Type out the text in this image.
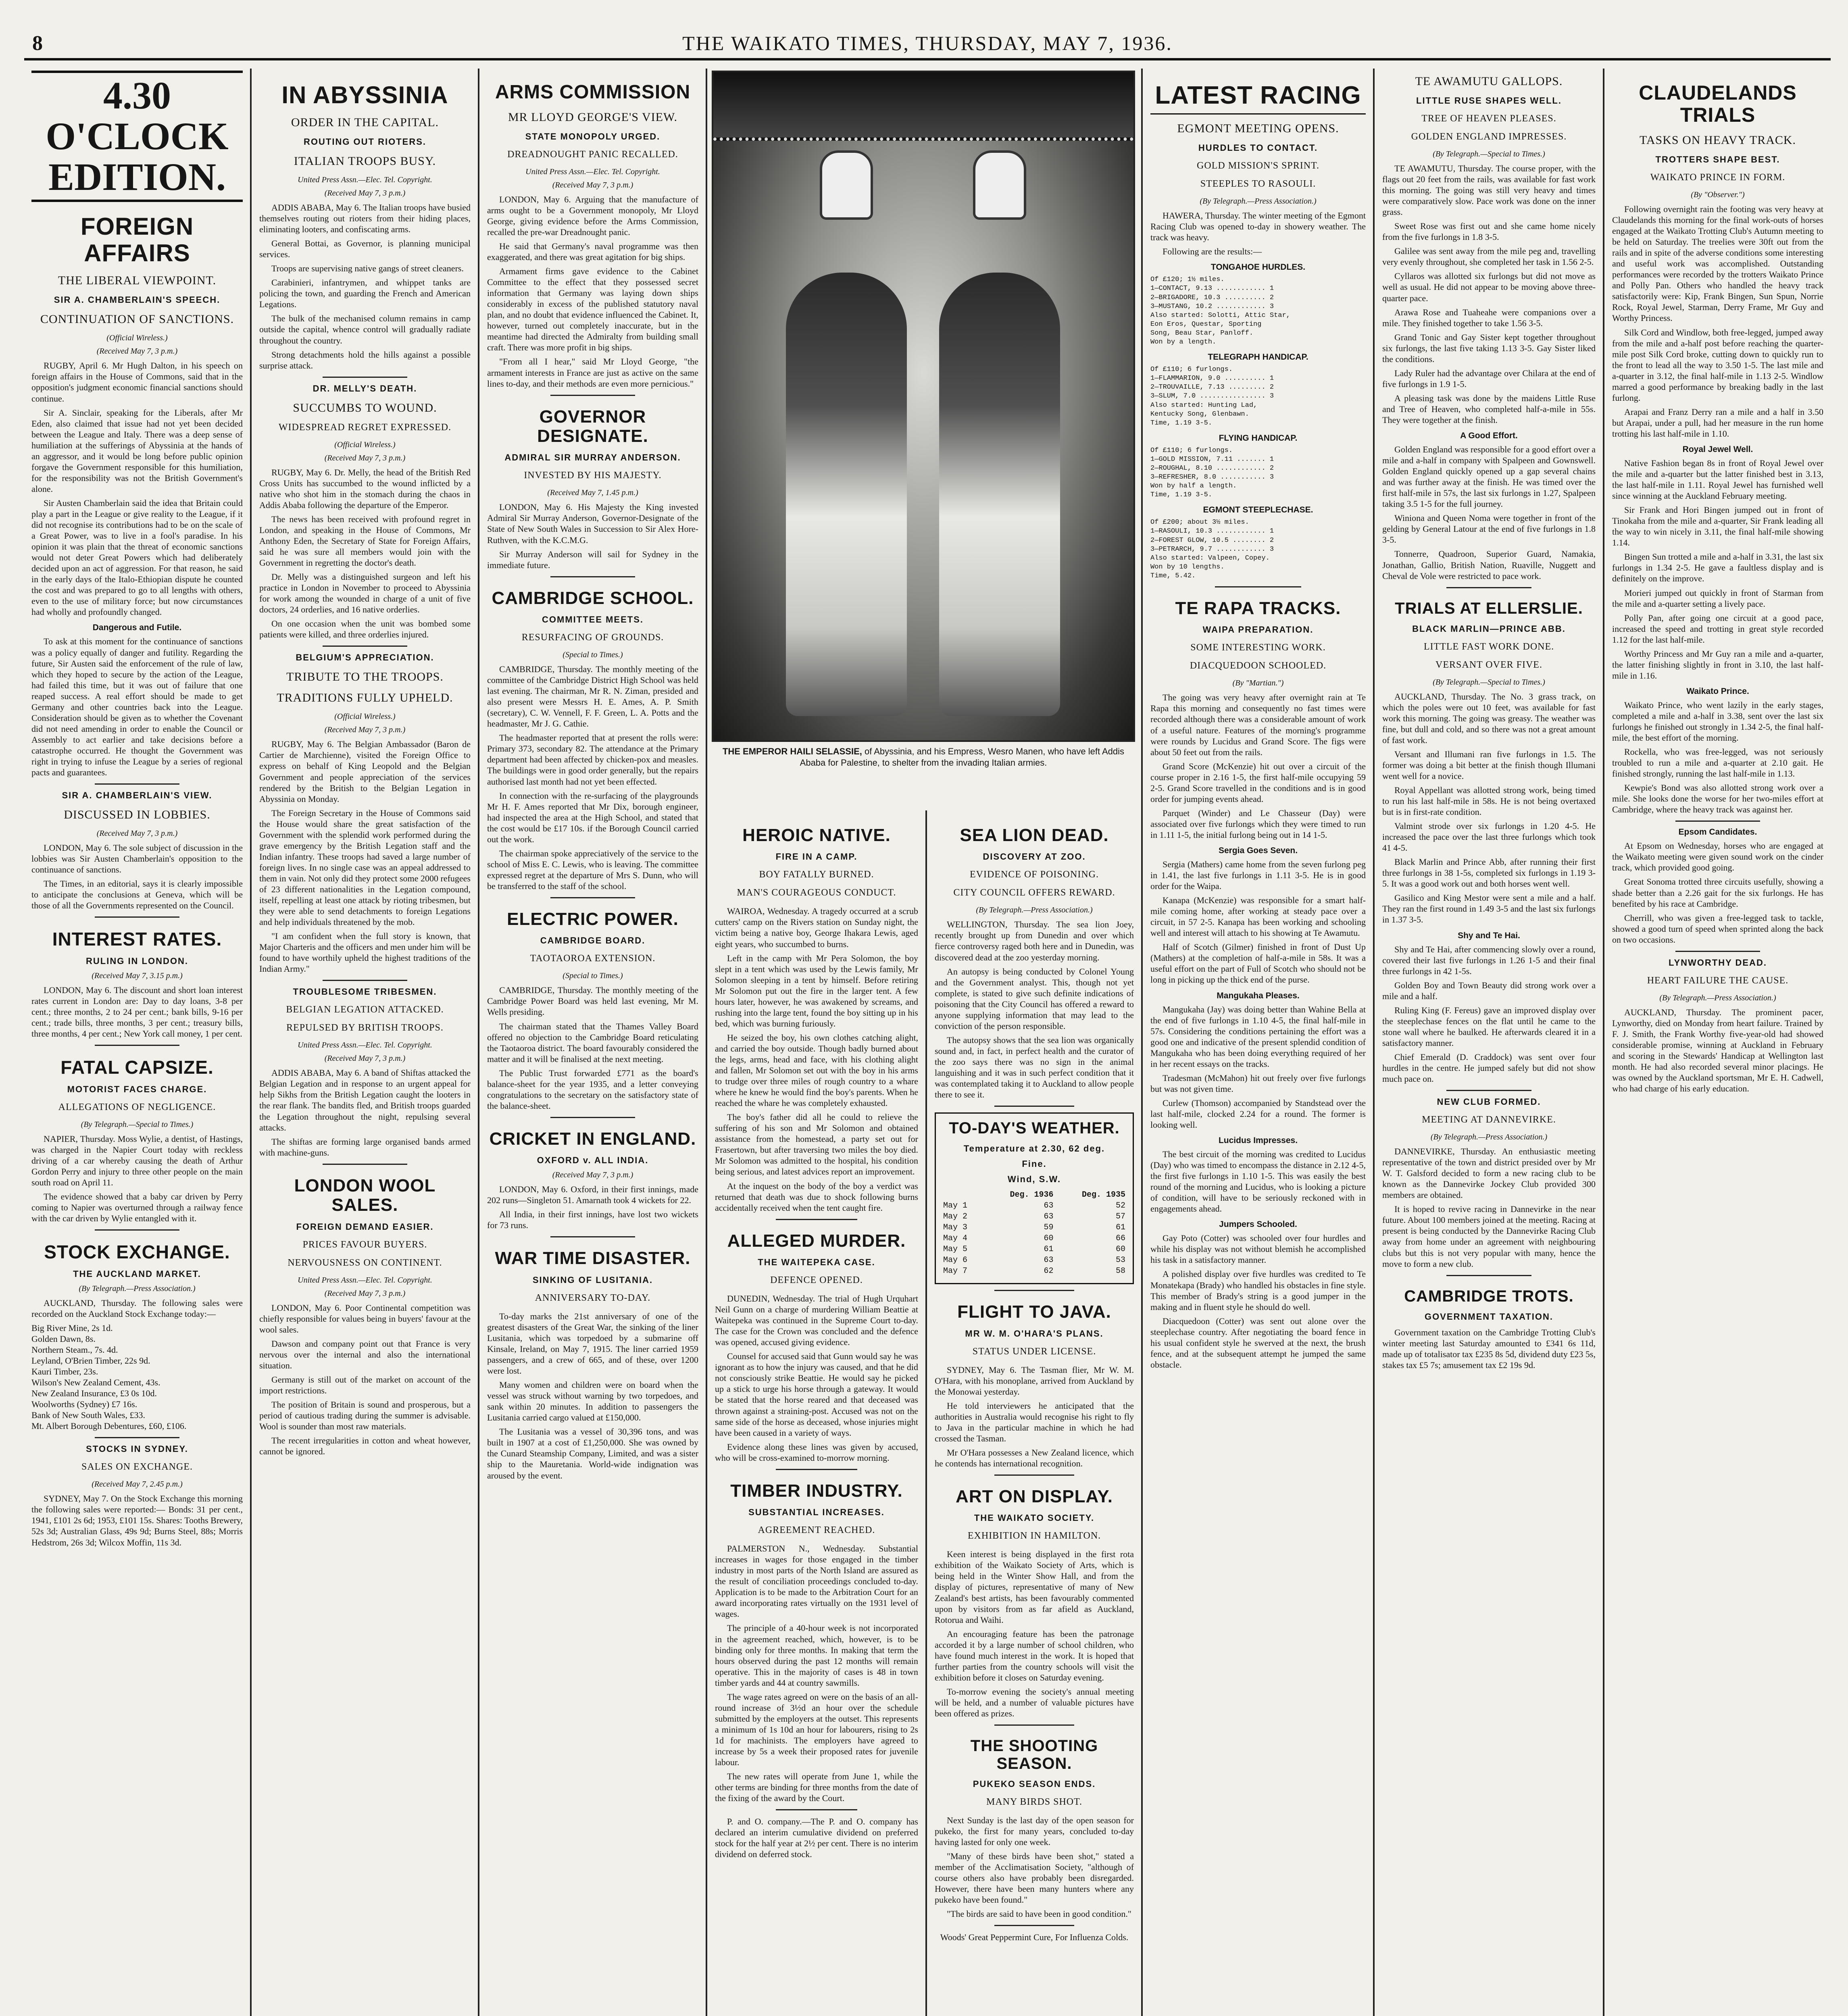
8	THE WAIKATO TIMES, THURSDAY, MAY 7, 1936.
4.30 O'CLOCK EDITION.
FOREIGN AFFAIRS
THE LIBERAL VIEWPOINT.
SIR A. CHAMBERLAIN'S SPEECH.
CONTINUATION OF SANCTIONS.
(Official Wireless.)
(Received May 7, 3 p.m.)

RUGBY, April 6. Mr Hugh Dalton, in his speech on foreign affairs in the House of Commons, said that in the opposition's judgment economic financial sanctions should continue.

Sir A. Sinclair, speaking for the Liberals, after Mr Eden, also claimed that issue had not yet been decided between the League and Italy. There was a deep sense of humiliation at the sufferings of Abyssinia at the hands of an aggressor, and it would be long before public opinion forgave the Government responsible for this humiliation, for the responsibility was not the British Government's alone.

Sir Austen Chamberlain said the idea that Britain could play a part in the League or give reality to the League, if it did not recognise its contributions had to be on the scale of a Great Power, was to live in a fool's paradise. In his opinion it was plain that the threat of economic sanctions would not deter Great Powers which had deliberately decided upon an act of aggression. For that reason, he said in the early days of the Italo-Ethiopian dispute he counted the cost and was prepared to go to all lengths with others, even to the use of military force; but now circumstances had wholly and profoundly changed.

Dangerous and Futile.

To ask at this moment for the continuance of sanctions was a policy equally of danger and futility. Regarding the future, Sir Austen said the enforcement of the rule of law, which they hoped to secure by the action of the League, had failed this time, but it was out of failure that one reaped success. A real effort should be made to get Germany and other countries back into the League. Consideration should be given as to whether the Covenant did not need amending in order to enable the Council or Assembly to act earlier and take decisions before a catastrophe occurred. He thought the Government was right in trying to infuse the League by a series of regional pacts and guarantees.

SIR A. CHAMBERLAIN'S VIEW.
DISCUSSED IN LOBBIES.
(Received May 7, 3 p.m.)

LONDON, May 6. The sole subject of discussion in the lobbies was Sir Austen Chamberlain's opposition to the continuance of sanctions.

The Times, in an editorial, says it is clearly impossible to anticipate the conclusions at Geneva, which will be those of all the Governments represented on the Council.

INTEREST RATES.
RULING IN LONDON.
(Received May 7, 3.15 p.m.)

LONDON, May 6. The discount and short loan interest rates current in London are: Day to day loans, 3-8 per cent.; three months, 2 to 24 per cent.; bank bills, 9-16 per cent.; trade bills, three months, 3 per cent.; treasury bills, three months, 4 per cent.; New York call money, 1 per cent.

FATAL CAPSIZE.
MOTORIST FACES CHARGE.
ALLEGATIONS OF NEGLIGENCE.
(By Telegraph.—Special to Times.)

NAPIER, Thursday. Moss Wylie, a dentist, of Hastings, was charged in the Napier Court today with reckless driving of a car whereby causing the death of Arthur Gordon Perry and injury to three other people on the main south road on April 11.

The evidence showed that a baby car driven by Perry coming to Napier was overturned through a railway fence with the car driven by Wylie entangled with it.

STOCK EXCHANGE.
THE AUCKLAND MARKET.
(By Telegraph.—Press Association.)

AUCKLAND, Thursday. The following sales were recorded on the Auckland Stock Exchange today:—

Big River Mine, 2s 1d.
Golden Dawn, 8s.
Northern Steam., 7s. 4d.
Leyland, O'Brien Timber, 22s 9d.
Kauri Timber, 23s.
Wilson's New Zealand Cement, 43s.
New Zealand Insurance, £3 0s 10d.
Woolworths (Sydney) £7 16s.
Bank of New South Wales, £33.
Mt. Albert Borough Debentures, £60, £106.

STOCKS IN SYDNEY.
SALES ON EXCHANGE.
(Received May 7, 2.45 p.m.)

SYDNEY, May 7. On the Stock Exchange this morning the following sales were reported:— Bonds: 31 per cent., 1941, £101 2s 6d; 1953, £101 15s. Shares: Tooths Brewery, 52s 3d; Australian Glass, 49s 9d; Burns Steel, 88s; Morris Hedstrom, 26s 3d; Wilcox Moffin, 11s 3d.

IN ABYSSINIA
ORDER IN THE CAPITAL.
ROUTING OUT RIOTERS.
ITALIAN TROOPS BUSY.
United Press Assn.—Elec. Tel. Copyright.
(Received May 7, 3 p.m.)

ADDIS ABABA, May 6. The Italian troops have busied themselves routing out rioters from their hiding places, eliminating looters, and confiscating arms.

General Bottai, as Governor, is planning municipal services.

Troops are supervising native gangs of street cleaners.

Carabinieri, infantrymen, and whippet tanks are policing the town, and guarding the French and American Legations.

The bulk of the mechanised column remains in camp outside the capital, whence control will gradually radiate throughout the country.

Strong detachments hold the hills against a possible surprise attack.

DR. MELLY'S DEATH.
SUCCUMBS TO WOUND.
WIDESPREAD REGRET EXPRESSED.
(Official Wireless.)
(Received May 7, 3 p.m.)

RUGBY, May 6. Dr. Melly, the head of the British Red Cross Units has succumbed to the wound inflicted by a native who shot him in the stomach during the chaos in Addis Ababa following the departure of the Emperor.

The news has been received with profound regret in London, and speaking in the House of Commons, Mr Anthony Eden, the Secretary of State for Foreign Affairs, said he was sure all members would join with the Government in regretting the doctor's death.

Dr. Melly was a distinguished surgeon and left his practice in London in November to proceed to Abyssinia for work among the wounded in charge of a unit of five doctors, 24 orderlies, and 16 native orderlies.

On one occasion when the unit was bombed some patients were killed, and three orderlies injured.

BELGIUM'S APPRECIATION.
TRIBUTE TO THE TROOPS.
TRADITIONS FULLY UPHELD.
(Official Wireless.)
(Received May 7, 3 p.m.)

RUGBY, May 6. The Belgian Ambassador (Baron de Cartier de Marchienne), visited the Foreign Office to express on behalf of King Leopold and the Belgian Government and people appreciation of the services rendered by the British to the Belgian Legation in Abyssinia on Monday.

The Foreign Secretary in the House of Commons said the House would share the great satisfaction of the Government with the splendid work performed during the grave emergency by the British Legation staff and the Indian infantry. These troops had saved a large number of foreign lives. In no single case was an appeal addressed to them in vain. Not only did they protect some 2000 refugees of 23 different nationalities in the Legation compound, itself, repelling at least one attack by rioting tribesmen, but they were able to send detachments to foreign Legations and help individuals threatened by the mob.

"I am confident when the full story is known, that Major Charteris and the officers and men under him will be found to have worthily upheld the highest traditions of the Indian Army."

TROUBLESOME TRIBESMEN.
BELGIAN LEGATION ATTACKED.
REPULSED BY BRITISH TROOPS.
United Press Assn.—Elec. Tel. Copyright.
(Received May 7, 3 p.m.)

ADDIS ABABA, May 6. A band of Shiftas attacked the Belgian Legation and in response to an urgent appeal for help Sikhs from the British Legation caught the looters in the rear flank. The bandits fled, and British troops guarded the Legation throughout the night, repulsing several attacks.

The shiftas are forming large organised bands armed with machine-guns.

LONDON WOOL SALES.
FOREIGN DEMAND EASIER.
PRICES FAVOUR BUYERS.
NERVOUSNESS ON CONTINENT.
United Press Assn.—Elec. Tel. Copyright.
(Received May 7, 3 p.m.)

LONDON, May 6. Poor Continental competition was chiefly responsible for values being in buyers' favour at the wool sales.

Dawson and company point out that France is very nervous over the internal and also the international situation.

Germany is still out of the market on account of the import restrictions.

The position of Britain is sound and prosperous, but a period of cautious trading during the summer is advisable. Wool is sounder than most raw materials.

The recent irregularities in cotton and wheat however, cannot be ignored.

ARMS COMMISSION
MR LLOYD GEORGE'S VIEW.
STATE MONOPOLY URGED.
DREADNOUGHT PANIC RECALLED.
United Press Assn.—Elec. Tel. Copyright.
(Received May 7, 3 p.m.)

LONDON, May 6. Arguing that the manufacture of arms ought to be a Government monopoly, Mr Lloyd George, giving evidence before the Arms Commission, recalled the pre-war Dreadnought panic.

He said that Germany's naval programme was then exaggerated, and there was great agitation for big ships.

Armament firms gave evidence to the Cabinet Committee to the effect that they possessed secret information that Germany was laying down ships considerably in excess of the published statutory naval plan, and no doubt that evidence influenced the Cabinet. It, however, turned out completely inaccurate, but in the meantime had directed the Admiralty from building small craft. There was more profit in big ships.

"From all I hear," said Mr Lloyd George, "the armament interests in France are just as active on the same lines to-day, and their methods are even more pernicious."

GOVERNOR DESIGNATE.
ADMIRAL SIR MURRAY ANDERSON.
INVESTED BY HIS MAJESTY.
(Received May 7, 1.45 p.m.)

LONDON, May 6. His Majesty the King invested Admiral Sir Murray Anderson, Governor-Designate of the State of New South Wales in Succession to Sir Alex Hore-Ruthven, with the K.C.M.G.

Sir Murray Anderson will sail for Sydney in the immediate future.

CAMBRIDGE SCHOOL.
COMMITTEE MEETS.
RESURFACING OF GROUNDS.
(Special to Times.)

CAMBRIDGE, Thursday. The monthly meeting of the committee of the Cambridge District High School was held last evening. The chairman, Mr R. N. Ziman, presided and also present were Messrs H. E. Ames, A. P. Smith (secretary), C. W. Vennell, F. F. Green, L. A. Potts and the headmaster, Mr J. G. Cathie.

The headmaster reported that at present the rolls were: Primary 373, secondary 82. The attendance at the Primary department had been affected by chicken-pox and measles. The buildings were in good order generally, but the repairs authorised last month had not yet been effected.

In connection with the re-surfacing of the playgrounds Mr H. F. Ames reported that Mr Dix, borough engineer, had inspected the area at the High School, and stated that the cost would be £17 10s. if the Borough Council carried out the work.

The chairman spoke appreciatively of the service to the school of Miss E. C. Lewis, who is leaving. The committee expressed regret at the departure of Mrs S. Dunn, who will be transferred to the staff of the school.

ELECTRIC POWER.
CAMBRIDGE BOARD.
TAOTAOROA EXTENSION.
(Special to Times.)

CAMBRIDGE, Thursday. The monthly meeting of the Cambridge Power Board was held last evening, Mr M. Wells presiding.

The chairman stated that the Thames Valley Board offered no objection to the Cambridge Board reticulating the Taotaoroa district. The board favourably considered the matter and it will be finalised at the next meeting.

The Public Trust forwarded £771 as the board's balance-sheet for the year 1935, and a letter conveying congratulations to the secretary on the satisfactory state of the balance-sheet.

CRICKET IN ENGLAND.
OXFORD v. ALL INDIA.
(Received May 7, 3 p.m.)

LONDON, May 6. Oxford, in their first innings, made 202 runs—Singleton 51. Amarnath took 4 wickets for 22.

All India, in their first innings, have lost two wickets for 73 runs.

WAR TIME DISASTER.
SINKING OF LUSITANIA.
ANNIVERSARY TO-DAY.

To-day marks the 21st anniversary of one of the greatest disasters of the Great War, the sinking of the liner Lusitania, which was torpedoed by a submarine off Kinsale, Ireland, on May 7, 1915. The liner carried 1959 passengers, and a crew of 665, and of these, over 1200 were lost.

Many women and children were on board when the vessel was struck without warning by two torpedoes, and sank within 20 minutes. In addition to passengers the Lusitania carried cargo valued at £150,000.

The Lusitania was a vessel of 30,396 tons, and was built in 1907 at a cost of £1,250,000. She was owned by the Cunard Steamship Company, Limited, and was a sister ship to the Mauretania. World-wide indignation was aroused by the event.

THE EMPEROR HAILI SELASSIE, of Abyssinia, and his Empress, Wesro Manen, who have left Addis Ababa for Palestine, to shelter from the invading Italian armies.
HEROIC NATIVE.
FIRE IN A CAMP.
BOY FATALLY BURNED.
MAN'S COURAGEOUS CONDUCT.

WAIROA, Wednesday. A tragedy occurred at a scrub cutters' camp on the Rivers station on Sunday night, the victim being a native boy, George Ihakara Lewis, aged eight years, who succumbed to burns.

Left in the camp with Mr Pera Solomon, the boy slept in a tent which was used by the Lewis family, Mr Solomon sleeping in a tent by himself. Before retiring Mr Solomon put out the fire in the larger tent. A few hours later, however, he was awakened by screams, and rushing into the large tent, found the boy sitting up in his bed, which was burning furiously.

He seized the boy, his own clothes catching alight, and carried the boy outside. Though badly burned about the legs, arms, head and face, with his clothing alight and fallen, Mr Solomon set out with the boy in his arms to trudge over three miles of rough country to a whare where he knew he would find the boy's parents. When he reached the whare he was completely exhausted.

The boy's father did all he could to relieve the suffering of his son and Mr Solomon and obtained assistance from the homestead, a party set out for Frasertown, but after traversing two miles the boy died. Mr Solomon was admitted to the hospital, his condition being serious, and latest advices report an improvement.

At the inquest on the body of the boy a verdict was returned that death was due to shock following burns accidentally received when the tent caught fire.

ALLEGED MURDER.
THE WAITEPEKA CASE.
DEFENCE OPENED.

DUNEDIN, Wednesday. The trial of Hugh Urquhart Neil Gunn on a charge of murdering William Beattie at Waitepeka was continued in the Supreme Court to-day. The case for the Crown was concluded and the defence was opened, accused giving evidence.

Counsel for accused said that Gunn would say he was ignorant as to how the injury was caused, and that he did not consciously strike Beattie. He would say he picked up a stick to urge his horse through a gateway. It would be stated that the horse reared and that deceased was thrown against a straining-post. Accused was not on the same side of the horse as deceased, whose injuries might have been caused in a variety of ways.

Evidence along these lines was given by accused, who will be cross-examined to-morrow morning.

TIMBER INDUSTRY.
SUBSTANTIAL INCREASES.
AGREEMENT REACHED.

PALMERSTON N., Wednesday. Substantial increases in wages for those engaged in the timber industry in most parts of the North Island are assured as the result of conciliation proceedings concluded to-day. Application is to be made to the Arbitration Court for an award incorporating rates virtually on the 1931 level of wages.

The principle of a 40-hour week is not incorporated in the agreement reached, which, however, is to be binding only for three months. In making that term the hours observed during the past 12 months will remain operative. This in the majority of cases is 48 in town timber yards and 44 at country sawmills.

The wage rates agreed on were on the basis of an all-round increase of 3½d an hour over the schedule submitted by the employers at the outset. This represents a minimum of 1s 10d an hour for labourers, rising to 2s 1d for machinists. The employers have agreed to increase by 5s a week their proposed rates for juvenile labour.

The new rates will operate from June 1, while the other terms are binding for three months from the date of the fixing of the award by the Court.

P. and O. company.—The P. and O. company has declared an interim cumulative dividend on preferred stock for the half year at 2½ per cent. There is no interim dividend on deferred stock.

SEA LION DEAD.
DISCOVERY AT ZOO.
EVIDENCE OF POISONING.
CITY COUNCIL OFFERS REWARD.
(By Telegraph.—Press Association.)

WELLINGTON, Thursday. The sea lion Joey, recently brought up from Dunedin and over which fierce controversy raged both here and in Dunedin, was discovered dead at the zoo yesterday morning.

An autopsy is being conducted by Colonel Young and the Government analyst. This, though not yet complete, is stated to give such definite indications of poisoning that the City Council has offered a reward to anyone supplying information that may lead to the conviction of the person responsible.

The autopsy shows that the sea lion was organically sound and, in fact, in perfect health and the curator of the zoo says there was no sign in the animal languishing and it was in such perfect condition that it was contemplated taking it to Auckland to allow people there to see it.

TO-DAY'S WEATHER.
Temperature at 2.30, 62 deg.
Fine.
Wind, S.W.
	Deg. 1936	Deg. 1935
May 1	63	52
May 2	63	57
May 3	59	61
May 4	60	66
May 5	61	60
May 6	63	53
May 7	62	58
FLIGHT TO JAVA.
MR W. M. O'HARA'S PLANS.
STATUS UNDER LICENSE.

SYDNEY, May 6. The Tasman flier, Mr W. M. O'Hara, with his monoplane, arrived from Auckland by the Monowai yesterday.

He told interviewers he anticipated that the authorities in Australia would recognise his right to fly to Java in the particular machine in which he had crossed the Tasman.

Mr O'Hara possesses a New Zealand licence, which he contends has international recognition.

ART ON DISPLAY.
THE WAIKATO SOCIETY.
EXHIBITION IN HAMILTON.

Keen interest is being displayed in the first rota exhibition of the Waikato Society of Arts, which is being held in the Winter Show Hall, and from the display of pictures, representative of many of New Zealand's best artists, has been favourably commented upon by visitors from as far afield as Auckland, Rotorua and Waihi.

An encouraging feature has been the patronage accorded it by a large number of school children, who have found much interest in the work. It is hoped that further parties from the country schools will visit the exhibition before it closes on Saturday evening.

To-morrow evening the society's annual meeting will be held, and a number of valuable pictures have been offered as prizes.

THE SHOOTING SEASON.
PUKEKO SEASON ENDS.
MANY BIRDS SHOT.

Next Sunday is the last day of the open season for pukeko, the first for many years, concluded to-day having lasted for only one week.

"Many of these birds have been shot," stated a member of the Acclimatisation Society, "although of course others also have probably been disregarded. However, there have been many hunters where any pukeko have been found."

"The birds are said to have been in good condition."

Woods' Great Peppermint Cure, For Influenza Colds.

LATEST RACING
EGMONT MEETING OPENS.
HURDLES TO CONTACT.
GOLD MISSION'S SPRINT.
STEEPLES TO RASOULI.
(By Telegraph.—Press Association.)

HAWERA, Thursday. The winter meeting of the Egmont Racing Club was opened to-day in showery weather. The track was heavy.

Following are the results:—

TONGAHOE HURDLES.
Of £120; 1½ miles.
1—CONTACT, 9.13 ............ 1
2—BRIGADORE, 10.3 .......... 2
3—MUSTANG, 10.2 ............ 3
Also started: Solotti, Attic Star,
Eon Eros, Questar, Sporting
Song, Beau Star, Panloff.
Won by a length.
TELEGRAPH HANDICAP.
Of £110; 6 furlongs.
1—FLAMMARION, 9.0 .......... 1
2—TROUVAILLE, 7.13 ......... 2
3—SLUM, 7.0 ................ 3
Also started: Hunting Lad,
Kentucky Song, Glenbawn.
Time, 1.19 3-5.
FLYING HANDICAP.
Of £110; 6 furlongs.
1—GOLD MISSION, 7.11 ....... 1
2—ROUGHAL, 8.10 ............ 2
3—REFRESHER, 8.0 ........... 3
Won by half a length.
Time, 1.19 3-5.
EGMONT STEEPLECHASE.
Of £200; about 3½ miles.
1—RASOULI, 10.3 ............ 1
2—FOREST GLOW, 10.5 ........ 2
3—PETRARCH, 9.7 ............ 3
Also started: Valpeen, Copey.
Won by 10 lengths.
Time, 5.42.
TE RAPA TRACKS.
WAIPA PREPARATION.
SOME INTERESTING WORK.
DIACQUEDOON SCHOOLED.
(By "Martian.")

The going was very heavy after overnight rain at Te Rapa this morning and consequently no fast times were recorded although there was a considerable amount of work of a useful nature. Features of the morning's programme were rounds by Lucidus and Grand Score. The figs were about 50 feet out from the rails.

Grand Score (McKenzie) hit out over a circuit of the course proper in 2.16 1-5, the first half-mile occupying 59 2-5. Grand Score travelled in the conditions and is in good order for jumping events ahead.

Parquet (Winder) and Le Chasseur (Day) were associated over five furlongs which they were timed to run in 1.11 1-5, the initial furlong being out in 14 1-5.

Sergia Goes Seven.

Sergia (Mathers) came home from the seven furlong peg in 1.41, the last five furlongs in 1.11 3-5. He is in good order for the Waipa.

Kanapa (McKenzie) was responsible for a smart half-mile coming home, after working at steady pace over a circuit, in 57 2-5. Kanapa has been working and schooling well and interest will attach to his showing at Te Awamutu.

Half of Scotch (Gilmer) finished in front of Dust Up (Mathers) at the completion of half-a-mile in 58s. It was a useful effort on the part of Full of Scotch who should not be long in picking up the thick end of the purse.

Mangukaha Pleases.

Mangukaha (Jay) was doing better than Wahine Bella at the end of five furlongs in 1.10 4-5, the final half-mile in 57s. Considering the conditions pertaining the effort was a good one and indicative of the present splendid condition of Mangukaha who has been doing everything required of her in her recent essays on the tracks.

Tradesman (McMahon) hit out freely over five furlongs but was not given time.

Curlew (Thomson) accompanied by Standstead over the last half-mile, clocked 2.24 for a round. The former is looking well.

Lucidus Impresses.

The best circuit of the morning was credited to Lucidus (Day) who was timed to encompass the distance in 2.12 4-5, the first five furlongs in 1.10 1-5. This was easily the best round of the morning and Lucidus, who is looking a picture of condition, will have to be seriously reckoned with in engagements ahead.

Jumpers Schooled.

Gay Poto (Cotter) was schooled over four hurdles and while his display was not without blemish he accomplished his task in a satisfactory manner.

A polished display over five hurdles was credited to Te Monatekapa (Brady) who handled his obstacles in fine style. This member of Brady's string is a good jumper in the making and in fluent style he should do well.

Diacquedoon (Cotter) was sent out alone over the steeplechase country. After negotiating the board fence in his usual confident style he swerved at the next, the brush fence, and at the subsequent attempt he jumped the same obstacle.

TE AWAMUTU GALLOPS.
LITTLE RUSE SHAPES WELL.
TREE OF HEAVEN PLEASES.
GOLDEN ENGLAND IMPRESSES.
(By Telegraph.—Special to Times.)

TE AWAMUTU, Thursday. The course proper, with the flags out 20 feet from the rails, was available for fast work this morning. The going was still very heavy and times were comparatively slow. Pace work was done on the inner grass.

Sweet Rose was first out and she came home nicely from the five furlongs in 1.8 3-5.

Galilee was sent away from the mile peg and, travelling very evenly throughout, she completed her task in 1.56 2-5.

Cyllaros was allotted six furlongs but did not move as well as usual. He did not appear to be moving above three-quarter pace.

Arawa Rose and Tuaheahe were companions over a mile. They finished together to take 1.56 3-5.

Grand Tonic and Gay Sister kept together throughout six furlongs, the last five taking 1.13 3-5. Gay Sister liked the conditions.

Lady Ruler had the advantage over Chilara at the end of five furlongs in 1.9 1-5.

A pleasing task was done by the maidens Little Ruse and Tree of Heaven, who completed half-a-mile in 55s. They were together at the finish.

A Good Effort.

Golden England was responsible for a good effort over a mile and a-half in company with Spalpeen and Gownswell. Golden England quickly opened up a gap several chains and was further away at the finish. He was timed over the first half-mile in 57s, the last six furlongs in 1.27, Spalpeen taking 3.5 1-5 for the full journey.

Winiona and Queen Noma were together in front of the gelding by General Latour at the end of five furlongs in 1.8 3-5.

Tonnerre, Quadroon, Superior Guard, Namakia, Jonathan, Gallio, British Nation, Ruaville, Nuggett and Cheval de Vole were restricted to pace work.

TRIALS AT ELLERSLIE.
BLACK MARLIN—PRINCE ABB.
LITTLE FAST WORK DONE.
VERSANT OVER FIVE.
(By Telegraph.—Special to Times.)

AUCKLAND, Thursday. The No. 3 grass track, on which the poles were out 10 feet, was available for fast work this morning. The going was greasy. The weather was fine, but dull and cold, and so there was not a great amount of fast work.

Versant and Illumani ran five furlongs in 1.5. The former was doing a bit better at the finish though Illumani went well for a novice.

Royal Appellant was allotted strong work, being timed to run his last half-mile in 58s. He is not being overtaxed but is in first-rate condition.

Valmint strode over six furlongs in 1.20 4-5. He increased the pace over the last three furlongs which took 41 4-5.

Black Marlin and Prince Abb, after running their first three furlongs in 38 1-5s, completed six furlongs in 1.19 3-5. It was a good work out and both horses went well.

Gasilico and King Mestor were sent a mile and a half. They ran the first round in 1.49 3-5 and the last six furlongs in 1.37 3-5.

Shy and Te Hai.

Shy and Te Hai, after commencing slowly over a round, covered their last five furlongs in 1.26 1-5 and their final three furlongs in 42 1-5s.

Golden Boy and Town Beauty did strong work over a mile and a half.

Ruling King (F. Fereus) gave an improved display over the steeplechase fences on the flat until he came to the stone wall where he baulked. He afterwards cleared it in a satisfactory manner.

Chief Emerald (D. Craddock) was sent over four hurdles in the centre. He jumped safely but did not show much pace on.

NEW CLUB FORMED.
MEETING AT DANNEVIRKE.
(By Telegraph.—Press Association.)

DANNEVIRKE, Thursday. An enthusiastic meeting representative of the town and district presided over by Mr W. T. Galsford decided to form a new racing club to be known as the Dannevirke Jockey Club provided 300 members are obtained.

It is hoped to revive racing in Dannevirke in the near future. About 100 members joined at the meeting. Racing at present is being conducted by the Dannevirke Racing Club away from home under an agreement with neighbouring clubs but this is not very popular with many, hence the move to form a new club.

CAMBRIDGE TROTS.
GOVERNMENT TAXATION.

Government taxation on the Cambridge Trotting Club's winter meeting last Saturday amounted to £341 6s 11d, made up of totalisator tax £235 8s 5d, dividend duty £23 5s, stakes tax £5 7s; amusement tax £2 19s 9d.

CLAUDELANDS TRIALS
TASKS ON HEAVY TRACK.
TROTTERS SHAPE BEST.
WAIKATO PRINCE IN FORM.
(By "Observer.")

Following overnight rain the footing was very heavy at Claudelands this morning for the final work-outs of horses engaged at the Waikato Trotting Club's Autumn meeting to be held on Saturday. The treelies were 30ft out from the rails and in spite of the adverse conditions some interesting and useful work was accomplished. Outstanding performances were recorded by the trotters Waikato Prince and Polly Pan. Others who handled the heavy track satisfactorily were: Kip, Frank Bingen, Sun Spun, Norrie Rock, Royal Jewel, Starman, Derry Frame, Mr Guy and Worthy Princess.

Silk Cord and Windlow, both free-legged, jumped away from the mile and a-half post before reaching the quarter-mile post Silk Cord broke, cutting down to quickly run to the front to lead all the way to 3.50 1-5. The last mile and a-quarter in 3.12, the final half-mile in 1.13 2-5. Windlow marred a good performance by breaking badly in the last furlong.

Arapai and Franz Derry ran a mile and a half in 3.50 but Arapai, under a pull, had her measure in the run home trotting his last half-mile in 1.10.

Royal Jewel Well.

Native Fashion began 8s in front of Royal Jewel over the mile and a-quarter but the latter finished best in 3.13, the last half-mile in 1.11. Royal Jewel has furnished well since winning at the Auckland February meeting.

Sir Frank and Hori Bingen jumped out in front of Tinokaha from the mile and a-quarter, Sir Frank leading all the way to win nicely in 3.11, the final half-mile showing 1.14.

Bingen Sun trotted a mile and a-half in 3.31, the last six furlongs in 1.34 2-5. He gave a faultless display and is definitely on the improve.

Morieri jumped out quickly in front of Starman from the mile and a-quarter setting a lively pace.

Polly Pan, after going one circuit at a good pace, increased the speed and trotting in great style recorded 1.12 for the last half-mile.

Worthy Princess and Mr Guy ran a mile and a-quarter, the latter finishing slightly in front in 3.10, the last half-mile in 1.16.

Waikato Prince.

Waikato Prince, who went lazily in the early stages, completed a mile and a-half in 3.38, sent over the last six furlongs he finished out strongly in 1.34 2-5, the final half-mile, the best effort of the morning.

Rockella, who was free-legged, was not seriously troubled to run a mile and a-quarter at 2.10 gait. He finished strongly, running the last half-mile in 1.13.

Kewpie's Bond was also allotted strong work over a mile. She looks done the worse for her two-miles effort at Cambridge, where the heavy track was against her.

Epsom Candidates.

At Epsom on Wednesday, horses who are engaged at the Waikato meeting were given sound work on the cinder track, which provided good going.

Great Sonoma trotted three circuits usefully, showing a shade better than a 2.26 gait for the six furlongs. He has benefited by his race at Cambridge.

Cherrill, who was given a free-legged task to tackle, showed a good turn of speed when sprinted along the back on two occasions.

LYNWORTHY DEAD.
HEART FAILURE THE CAUSE.
(By Telegraph.—Press Association.)

AUCKLAND, Thursday. The prominent pacer, Lynworthy, died on Monday from heart failure. Trained by F. J. Smith, the Frank Worthy five-year-old had showed considerable promise, winning at Auckland in February and scoring in the Stewards' Handicap at Wellington last month. He had also recorded several minor placings. He was owned by the Auckland sportsman, Mr E. H. Cadwell, who had charge of his early education.
